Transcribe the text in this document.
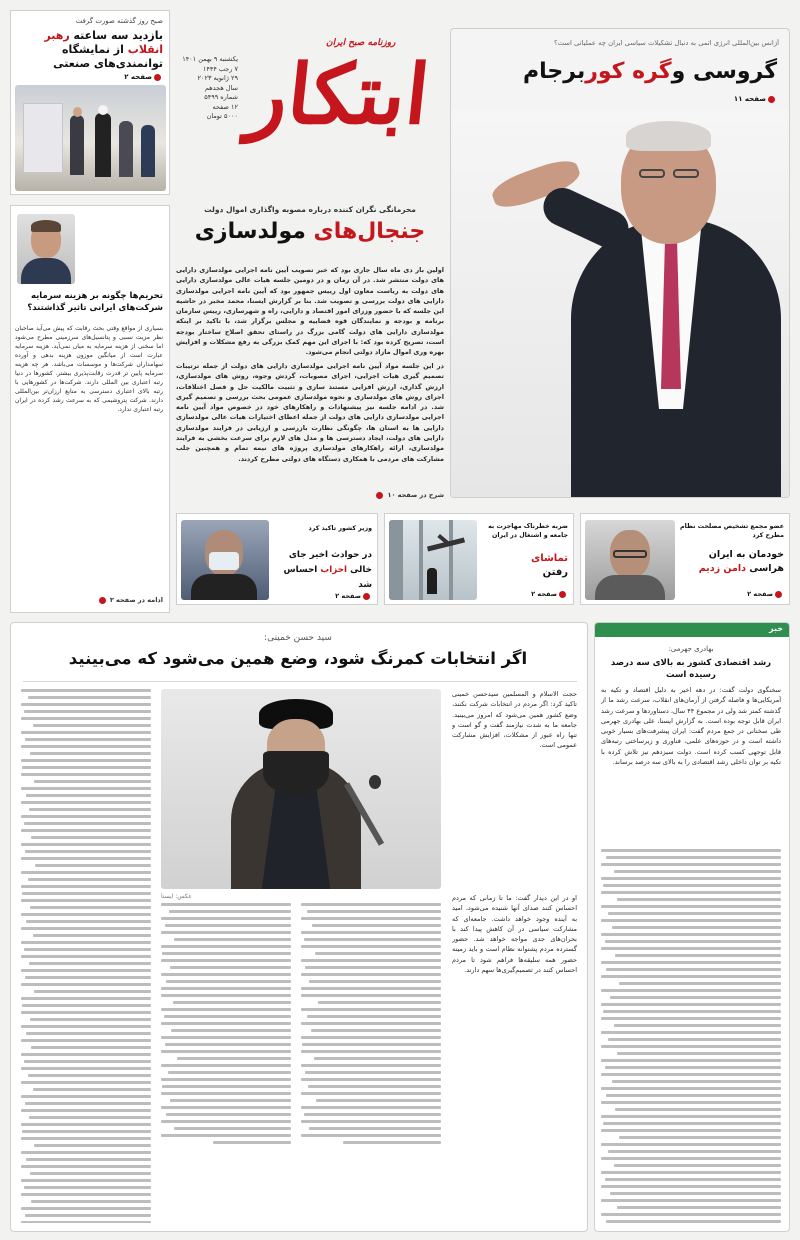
صبح روز گذشته صورت گرفت
بازدید سه ساعته رهبر انقلاب از نمایشگاه توانمندی‌های صنعتی
صفحه ۲
یکشنبه ۹ بهمن ۱۴۰۱
۷ رجب ۱۴۴۴
۲۹ ژانویه ۲۰۲۳
سال هجدهم
شماره ۵۴۹۹
۱۲ صفحه
۵۰۰۰ تومان ابتکار
روزنامه صبح ایران	آژانس بین‌المللی انرژی اتمی به دنبال تشکیلات سیاسی ایران چه عملیاتی است؟
گروسی وگره کوربرجام
صفحه ۱۱
تحریم‌ها چگونه بر هزینه سرمایه شرکت‌های ایرانی تاثیر گذاشتند؟
بسیاری از مواقع وقتی بحث رقابت که پیش می‌آید صاحبان نظر مزیت نسبی و پتانسیل‌های سرزمینی مطرح می‌شود اما سخنی از هزینه سرمایه به میان نمی‌آید. هزینه سرمایه عبارت است از میانگین موزون هزینه بدهی و آورده سهامداران شرکت‌ها و موسسات می‌باشد. هر چه هزینه سرمایه پایین تر قدرت رقابت‌پذیری بیشتر. کشورها در دنیا رتبه اعتباری بین المللی دارند. شرکت‌ها در کشورهایی با رتبه بالای اعتباری دسترسی به منابع ارزان‌تر بین‌المللی دارند. شرکت پتروشیمی که به سرعت رشد کرده در ایران رتبه اعتباری ندارد.
ادامه در صفحه ۳
محرمانگی نگران کننده درباره مصوبه واگذاری اموال دولت
جنجال‌های مولدسازی
اولین بار دی ماه سال جاری بود که خبر تصویب آیین نامه اجرایی مولدسازی دارایی های دولت منتشر شد. در آن زمان و در دومین جلسه هیات عالی مولدسازی دارایی های دولت به ریاست معاون اول رییس جمهور بود که آیین نامه اجرایی مولدسازی دارایی های دولت بررسی و تصویب شد. بنا بر گزارش ایسنا، محمد مخبر در حاشیه این جلسه که با حضور وزرای امور اقتصاد و دارایی، راه و شهرسازی، رییس سازمان برنامه و بودجه و نمایندگان قوه قضاییه و مجلس برگزار شد، با تاکید بر اینکه مولدسازی دارایی های دولت گامی بزرگ در راستای تحقق اصلاح ساختار بودجه است، تصریح کرده بود که: با اجرای این مهم کمک بزرگی به رفع مشکلات و افزایش بهره وری اموال مازاد دولتی انجام می‌شود.
در این جلسه مواد آیین نامه اجرایی مولدسازی دارایی های دولت از جمله ترتیبات تصمیم گیری هیات اجرایی، اجرای مصوبات، گردش وجوه، روش های مولدسازی، ارزش گذاری، ارزش افزایی مستند سازی و تثبیت مالکیت حل و فصل اختلافات، اجرای روش های مولدسازی و نحوه مولدسازی عمومی بحث بررسی و تصمیم گیری شد. در ادامه جلسه نیز پیشنهادات و راهکارهای خود در خصوص مواد آیین نامه اجرایی مولدسازی دارایی های دولت از جمله اعطای اختیارات هیات عالی مولدسازی دارایی ها به استان ها، چگونگی نظارت بازرسی و ارزیابی در فرایند مولدسازی دارایی های دولت، ایجاد دسترسی ها و مدل های لازم برای سرعت بخشی به فرایند مولدسازی، ارائه راهکارهای مولدسازی پروژه های نیمه تمام و همچنین جلب مشارکت های مردمی با همکاری دستگاه های دولتی مطرح کردند.
شرح در صفحه ۱۰
عضو مجمع تشخیص مصلحت نظام مطرح کرد
خودمان به ایران هراسی دامن زدیم
صفحه ۲
ضربه خطرناک مهاجرت به جامعه و اشتغال در ایران
تماشای
رفتن
صفحه ۲
وزیر کشور تاکید کرد
در حوادث اخیر جای
خالی احزاب احساس شد
صفحه ۲
سید حسن خمینی:
اگر انتخابات کمرنگ شود، وضع همین می‌شود که می‌بینید
حجت الاسلام و المسلمین سیدحسن خمینی تاکید کرد: اگر مردم در انتخابات شرکت نکنند، وضع کشور همین می‌شود که امروز می‌بینید. جامعه ما به شدت نیازمند گفت و گو است و تنها راه عبور از مشکلات، افزایش مشارکت عمومی است.
او در این دیدار گفت: ما تا زمانی که مردم احساس کنند صدای آنها شنیده می‌شود، امید به آینده وجود خواهد داشت. جامعه‌ای که مشارکت سیاسی در آن کاهش پیدا کند با بحران‌های جدی مواجه خواهد شد. حضور گسترده مردم پشتوانه نظام است و باید زمینه حضور همه سلیقه‌ها فراهم شود تا مردم احساس کنند در تصمیم‌گیری‌ها سهم دارند.
عکس: ایسنا
خبر
بهادری جهرمی:
رشد اقتصادی کشور به بالای سه درصد رسیده است
سخنگوی دولت گفت: در دهه اخیر به دلیل اقتصاد و تکیه به آمریکایی‌ها و فاصله گرفتن از آرمان‌های انقلاب، سرعت رشد ما از گذشته کمتر شد ولی در مجموع ۴۴ سال، دستاوردها و سرعت رشد ایران قابل توجه بوده است. به گزارش ایسنا، علی بهادری جهرمی طی سخنانی در جمع مردم گفت: ایران پیشرفت‌های بسیار خوبی داشته است و در حوزه‌های علمی، فناوری و زیرساختی رتبه‌های قابل توجهی کسب کرده است. دولت سیزدهم نیز تلاش کرده با تکیه بر توان داخلی رشد اقتصادی را به بالای سه درصد برساند.
